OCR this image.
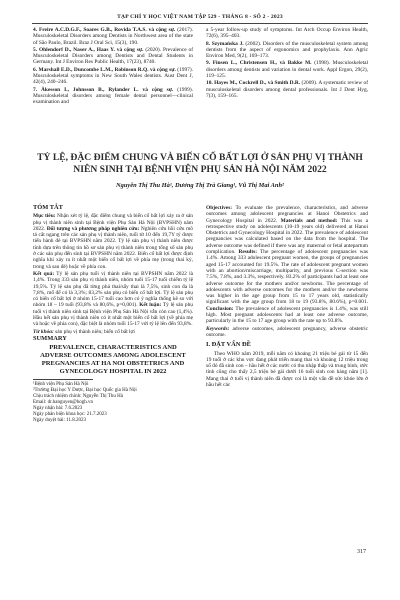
TẠP CHÍ Y HỌC VIỆT NAM TẬP 529 - THÁNG 8 - SỐ 2 - 2023

4. Freire A.C.D.G.F., Soares G.B., Rovida T.A.S. và cộng sự. (2017). Musculoskeletal Disorders among Dentists in Northwest area of the state of São Paulo, Brazil. Braz J Oral Sci, 15(3), 190.

5. Ohlendorf D., Naser A., Haas Y. và cộng sự. (2020). Prevalence of Musculoskeletal Disorders among Dentists and Dental Students in Germany. Int J Environ Res Public Health, 17(23), 8740.

6. Marshall E.D., Duncombe L.M., Robinson R.Q. và cộng sự. (1997). Musculoskeletal symptoms in New South Wales dentists. Aust Dent J, 42(4), 240–246.

7. Åkesson I., Johnsson B., Rylander L. và cộng sự. (1999). Musculoskeletal disorders among female dental personnel—clinical examination and

a 5-year follow-up study of symptoms. Int Arch Occup Environ Health, 72(6), 395–403.

8. Szymańska J. (2002). Disorders of the musculoskeletal system among dentists from the aspect of ergonomics and prophylaxis. Ann Agric Environ Med, 9(2), 169–173.

9. Finsen L., Christensen H., và Bakke M. (1998). Musculoskeletal disorders among dentists and variation in dental work. Appl Ergon, 29(2), 119–125.

10. Hayes M., Cockrell D., và Smith D.R. (2009). A systematic review of musculoskeletal disorders among dental professionals. Int J Dent Hyg, 7(3), 159–165.

TỶ LỆ, ĐẶC ĐIỂM CHUNG VÀ BIẾN CỐ BẤT LỢI Ở SẢN PHỤ VỊ THÀNH NIÊN SINH TẠI BỆNH VIỆN PHỤ SẢN HÀ NỘI NĂM 2022
Nguyễn Thị Thu Hà¹, Dương Thị Trà Giang¹, Vũ Thị Mai Anh²
TÓM TẮT

Mục tiêu: Nhận xét tỷ lệ, đặc điểm chung và biến cố bất lợi xảy ra ở sản phụ vị thành niên sinh tại Bệnh viện Phụ Sản Hà Nội (BVPSHN) năm 2022. Đối tượng và phương pháp nghiên cứu: Nghiên cứu hồi cứu mô tả cắt ngang trên các sản phụ vị thành niên, tuổi từ 10 đến 19,7Y tỷ được tiến hành đẻ tại BVPSHN năm 2022. Tỷ lệ sản phụ vị thành niên được tính dựa trên thông tin hồ sơ sản phụ vị thành niên trong tổng số sản phụ ở các sản phụ đến sinh tại BVPSHN năm 2022. Biến cố bất lợi được định nghĩa khi xảy ra ít nhất một biến cố bất lợi về phía mẹ (trong thai kỳ, trong và sau đẻ) hoặc về phía con.

Kết quả: Tỷ lệ sản phụ tuổi vị thành niên tại BVPSHN năm 2022 là 1,4%. Trong 333 sản phụ vị thành niên, nhóm tuổi 15-17 tuổi chiếm tỷ lệ 19,5%. Tỷ lệ sản phụ đã từng phá thai/sẩy thai là 7,5%, sinh con đa là 7,8%, mổ để có là 3,3%; 83,2% sản phụ có biến cố bất lợi. Tỷ lệ sản phụ có biến cố bất lợi ở nhóm 15-17 tuổi cao hơn có ý nghĩa thống kê so với nhóm 18 – 19 tuổi (93,8% và 80,6%, p=0,001). Kết luận: Tỷ lệ sản phụ tuổi vị thành niên sinh tại Bệnh viện Phụ Sản Hà Nội vẫn còn cao (1,4%). Hầu hết sản phụ vị thành niên có ít nhất một biến cố bất lợi (về phía mẹ và hoặc về phía con), đặc biệt là nhóm tuổi 15-17 với tỷ lệ lên đến 93,8%.

Từ khóa: sản phụ vị thành niên; biến cố bất lợi

SUMMARY
PREVALENCE, CHARACTERISTICS AND ADVERSE OUTCOMES AMONG ADOLESCENT PREGNANCIES AT HA NOI OBSTETRICS AND GYNECOLOGY HOSPITAL IN 2022
¹Bệnh viện Phụ Sản Hà Nội
²Trường Đại học Y Dược, Đại học Quốc gia Hà Nội
Chịu trách nhiệm chính: Nguyễn Thị Thu Hà
Email: dr.hanguyen@hogh.vn
Ngày nhận bài: 7.6.2023
Ngày phản biện khoa học: 21.7.2023
Ngày duyệt bài: 11.8.2023

Objectives: To evaluate the prevalence, characteristics, and adverse outcomes among adolescent pregnancies at Hanoi Obstetrics and Gynecology Hospital in 2022. Materials and method: This was a retrospective study on adolescents (10-19 years old) delivered at Hanoi Obstetrics and Gynecology Hospital in 2022. The prevalence of adolescent pregnancies was calculated based on the data from the hospital. The adverse outcome was defined if there was any maternal or fetal antepartum complication. Results: The percentage of adolescent pregnancies was 1.4%. Among 333 adolescent pregnant women, the groups of pregnancies aged 15-17 accounted for 19.5%. The rate of adolescent pregnant women with an abortion/miscarriage, multiparity, and previous C-section was 7.5%, 7.8%, and 3.3%, respectively. 83.2% of participants had at least one adverse outcome for the mothers and/or newborns. The percentage of adolescents with adverse outcomes for the mothers and/or the newborns was higher in the age group from 15 to 17 years old, statistically significant with the age group from 18 to 19 (93.8%, 80.6%), p=0.001. Conclusion: The prevalence of adolescent pregnancies is 1.4%, was still high. Most pregnant adolescents had at least one adverse outcome, particularly in the 15 to 17 age group with the rate up to 93.8%.

Keywords: adverse outcomes, adolescent pregnancy, adverse obstetric outcome.

I. ĐẶT VẤN ĐỀ

Theo WHO năm 2019, mỗi năm có khoảng 21 triệu bé gái từ 15 đến 19 tuổi ở các khu vực đang phát triển mang thai và khoảng 12 triệu trong số đó đã sinh con – hầu hết ở các nước có thu nhập thấp và trung bình, ước tính cũng cho thấy 2,5 triệu bé gái dưới 16 tuổi sinh con hàng năm [1]. Mang thai ở tuổi vị thành niên đã được coi là một vấn đề sức khỏe lớn ở hầu hết các

317
